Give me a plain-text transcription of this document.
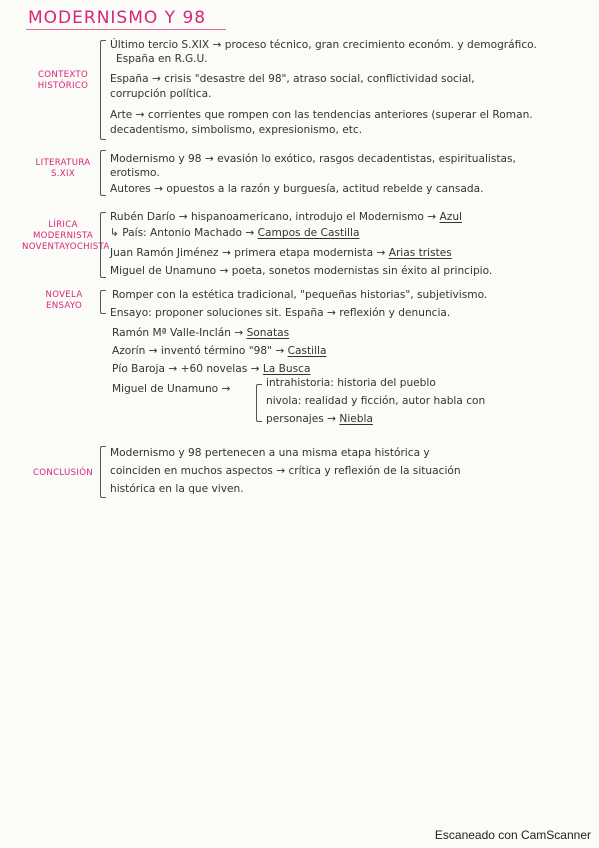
MODERNISMO Y 98
CONTEXTO
HISTÓRICO
Último tercio S.XIX → proceso técnico, gran crecimiento económ. y demográfico.
España en R.G.U.
España → crisis "desastre del 98", atraso social, conflictividad social,
corrupción política.
Arte → corrientes que rompen con las tendencias anteriores (superar el Roman.
decadentismo, simbolismo, expresionismo, etc.
LITERATURA
S.XIX
Modernismo y 98 → evasión lo exótico, rasgos decadentistas, espiritualistas,
erotismo.
Autores → opuestos a la razón y burguesía, actitud rebelde y cansada.
LÍRICA
MODERNISTA
NOVENTAYOCHISTA
Rubén Darío → hispanoamericano, introdujo el Modernismo → Azul
↳ País: Antonio Machado → Campos de Castilla
Juan Ramón Jiménez → primera etapa modernista → Arias tristes
Miguel de Unamuno → poeta, sonetos modernistas sin éxito al principio.
NOVELA
ENSAYO
Romper con la estética tradicional, "pequeñas historias", subjetivismo.
Ensayo: proponer soluciones sit. España → reflexión y denuncia.
Ramón Mª Valle-Inclán → Sonatas
Azorín → inventó término "98" → Castilla
Pío Baroja → +60 novelas → La Busca
Miguel de Unamuno →	intrahistoria: historia del pueblo
nivola: realidad y ficción, autor habla con
personajes → Niebla
CONCLUSIÓN
Modernismo y 98 pertenecen a una misma etapa histórica y
coinciden en muchos aspectos → crítica y reflexión de la situación
histórica en la que viven.
Escaneado con CamScanner
